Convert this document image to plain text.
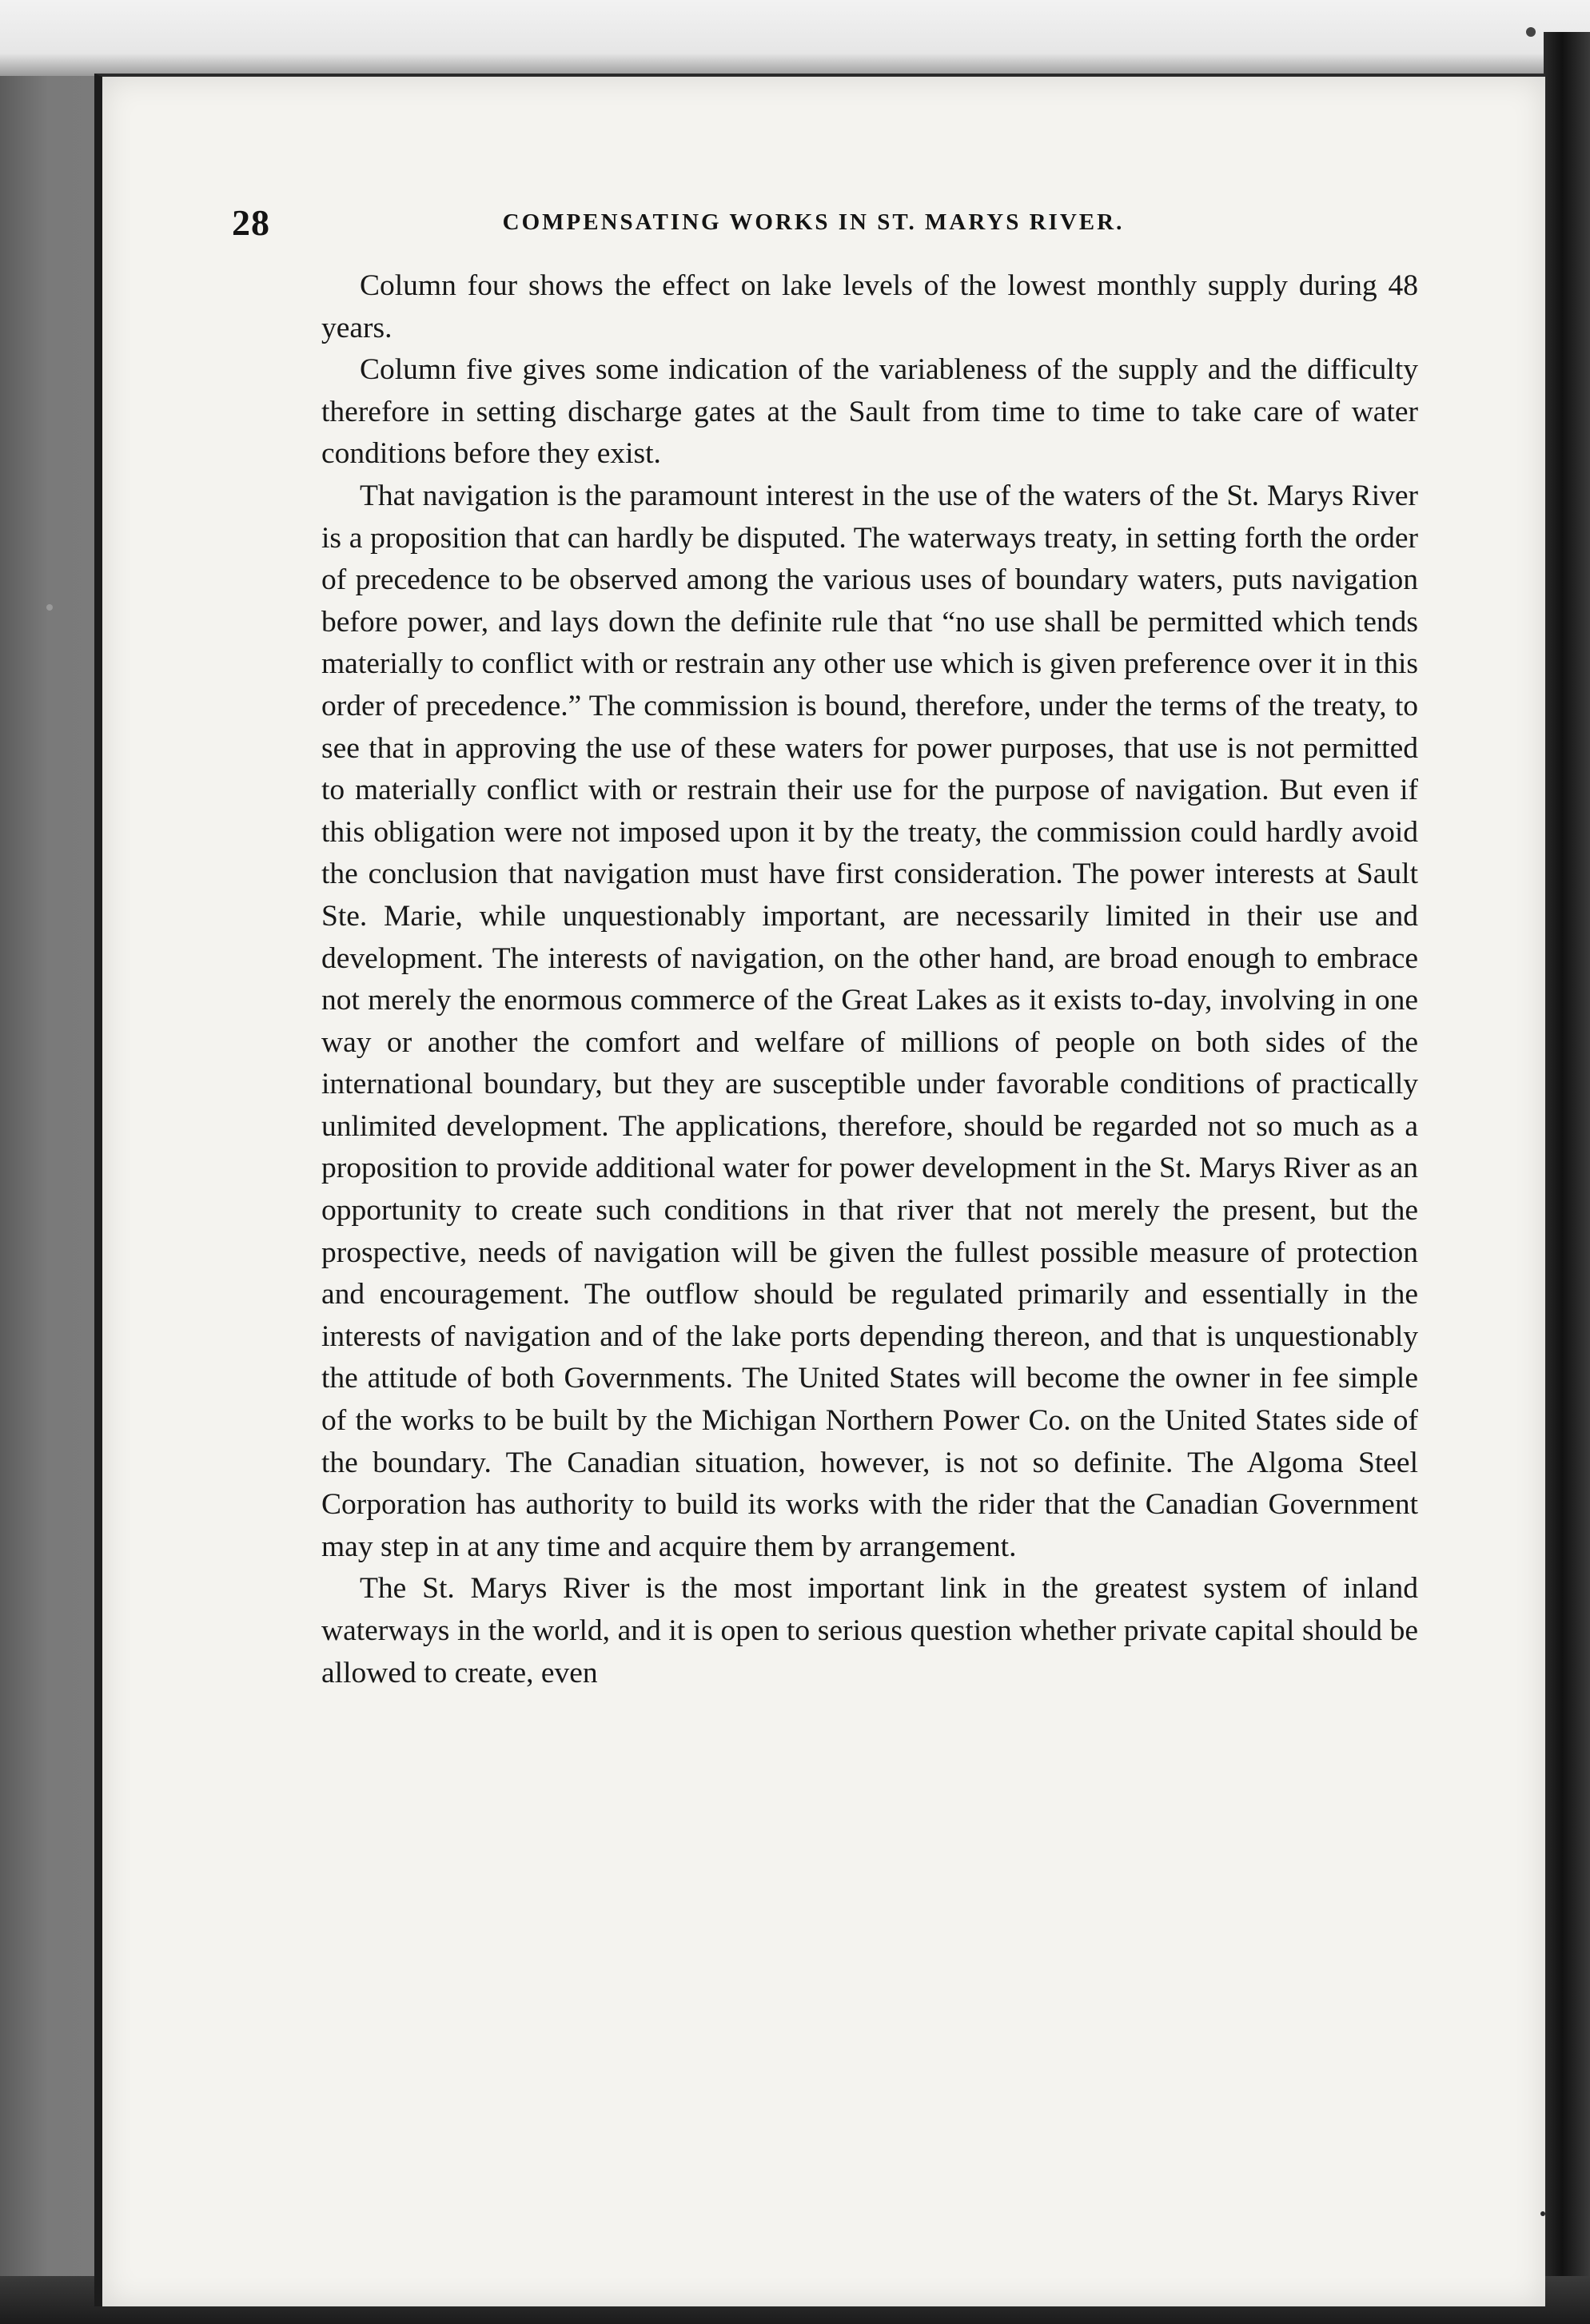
28	COMPENSATING WORKS IN ST. MARYS RIVER.

Column four shows the effect on lake levels of the lowest monthly supply during 48 years.

Column five gives some indication of the variableness of the supply and the difficulty therefore in setting discharge gates at the Sault from time to time to take care of water conditions before they exist.

That navigation is the paramount interest in the use of the waters of the St. Marys River is a proposition that can hardly be disputed. The waterways treaty, in setting forth the order of precedence to be observed among the various uses of boundary waters, puts navigation before power, and lays down the definite rule that “no use shall be permitted which tends materially to conflict with or restrain any other use which is given preference over it in this order of precedence.” The commission is bound, therefore, under the terms of the treaty, to see that in approving the use of these waters for power purposes, that use is not permitted to materially conflict with or restrain their use for the purpose of navigation. But even if this obligation were not imposed upon it by the treaty, the commission could hardly avoid the conclusion that navigation must have first consideration. The power interests at Sault Ste. Marie, while unquestionably important, are necessarily limited in their use and development. The interests of navigation, on the other hand, are broad enough to embrace not merely the enormous commerce of the Great Lakes as it exists to-day, involving in one way or another the comfort and welfare of millions of people on both sides of the international boundary, but they are susceptible under favorable conditions of practically unlimited development. The applications, therefore, should be regarded not so much as a proposition to provide additional water for power development in the St. Marys River as an opportunity to create such conditions in that river that not merely the present, but the prospective, needs of navigation will be given the fullest possible measure of protection and encouragement. The outflow should be regulated primarily and essentially in the interests of navigation and of the lake ports depending thereon, and that is unquestionably the attitude of both Governments. The United States will become the owner in fee simple of the works to be built by the Michigan Northern Power Co. on the United States side of the boundary. The Canadian situation, however, is not so definite. The Algoma Steel Corporation has authority to build its works with the rider that the Canadian Government may step in at any time and acquire them by arrangement.

The St. Marys River is the most important link in the greatest system of inland waterways in the world, and it is open to serious question whether private capital should be allowed to create, even
